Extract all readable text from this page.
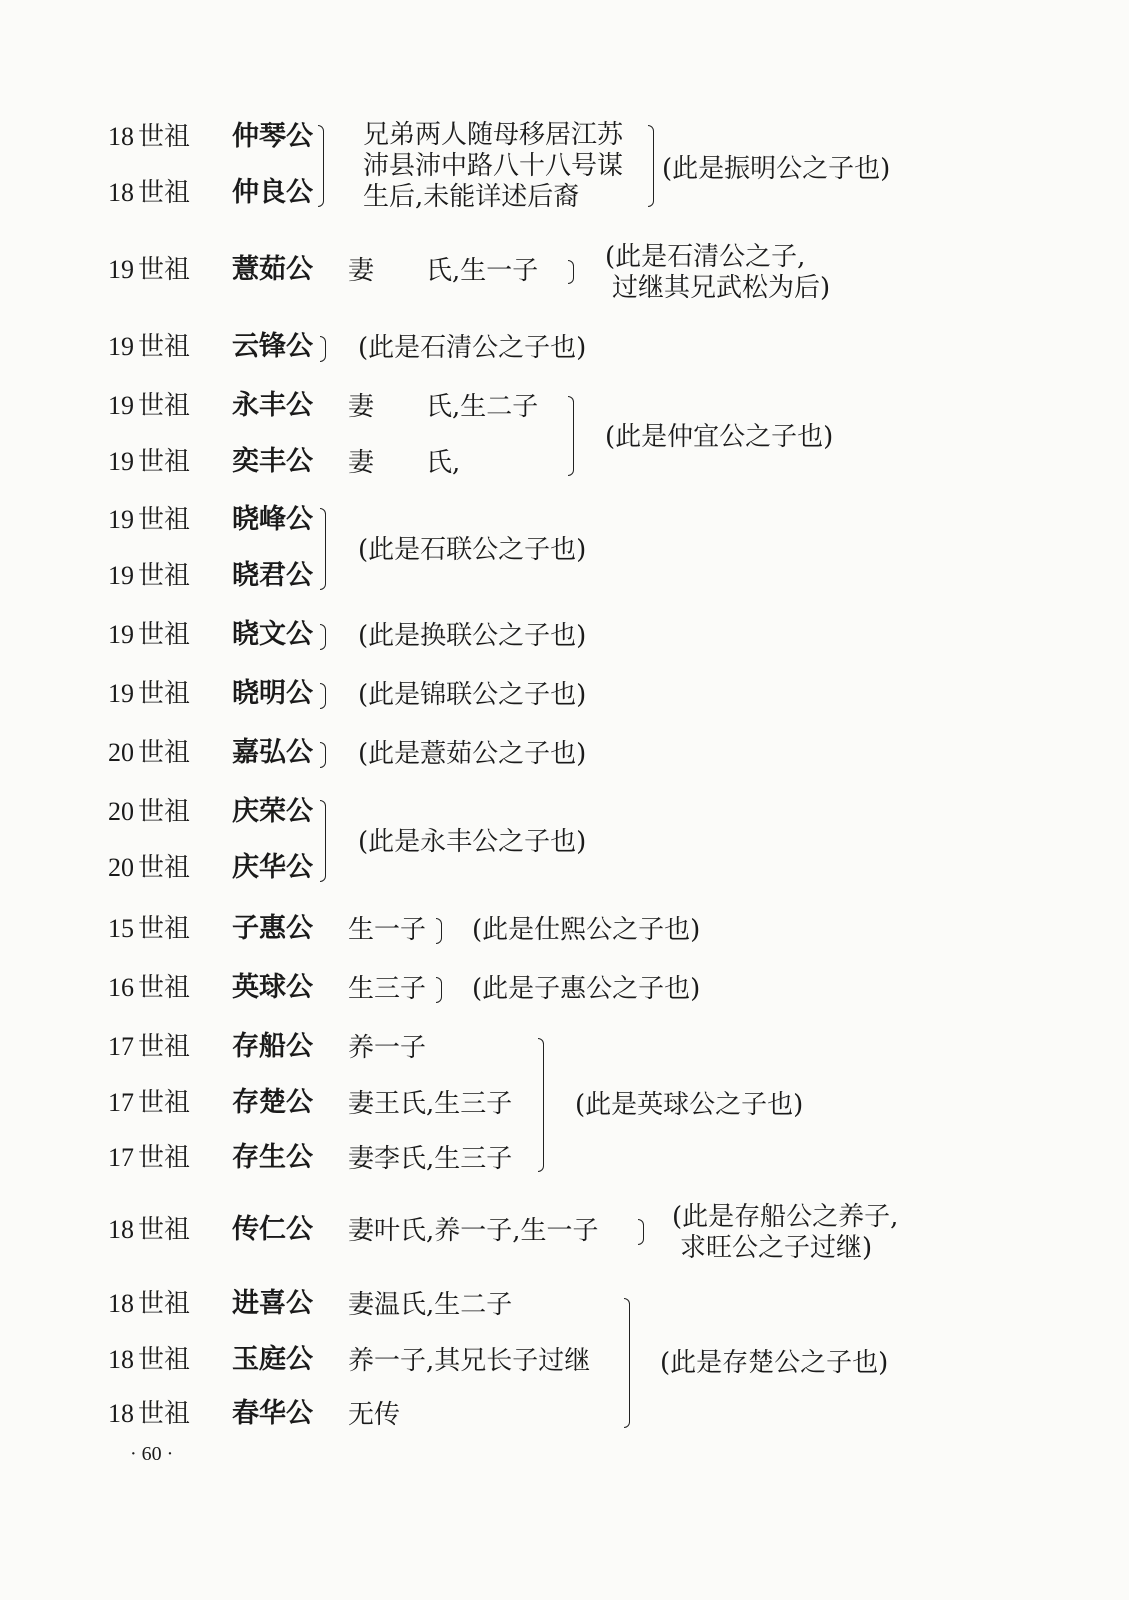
18 世祖 仲琴公
18 世祖 仲良公
兄弟两人随母移居江苏
沛县沛中路八十八号谋
生后,未能详述后裔
(此是振明公之子也)
19 世祖 薏茹公 妻　　氏,生一子	(此是石清公之子,
过继其兄武松为后)
19 世祖 云锋公 (此是石清公之子也)
19 世祖 永丰公 妻　　氏,生二子
19 世祖 奕丰公 妻　　氏,
(此是仲宜公之子也)
19 世祖 晓峰公
19 世祖 晓君公
(此是石联公之子也)
19 世祖 晓文公 (此是换联公之子也)
19 世祖 晓明公 (此是锦联公之子也)
20 世祖 嘉弘公 (此是薏茹公之子也)
20 世祖 庆荣公
20 世祖 庆华公
(此是永丰公之子也)
15 世祖 子惠公 生一子 (此是仕熙公之子也)
16 世祖 英球公 生三子 (此是子惠公之子也)
17 世祖 存船公 养一子
17 世祖 存楚公 妻王氏,生三子
17 世祖 存生公 妻李氏,生三子
(此是英球公之子也)
18 世祖 传仁公 妻叶氏,养一子,生一子	(此是存船公之养子,
求旺公之子过继)
18 世祖 进喜公 妻温氏,生二子
18 世祖 玉庭公 养一子,其兄长子过继
18 世祖 春华公 无传
(此是存楚公之子也)
· 60 ·
